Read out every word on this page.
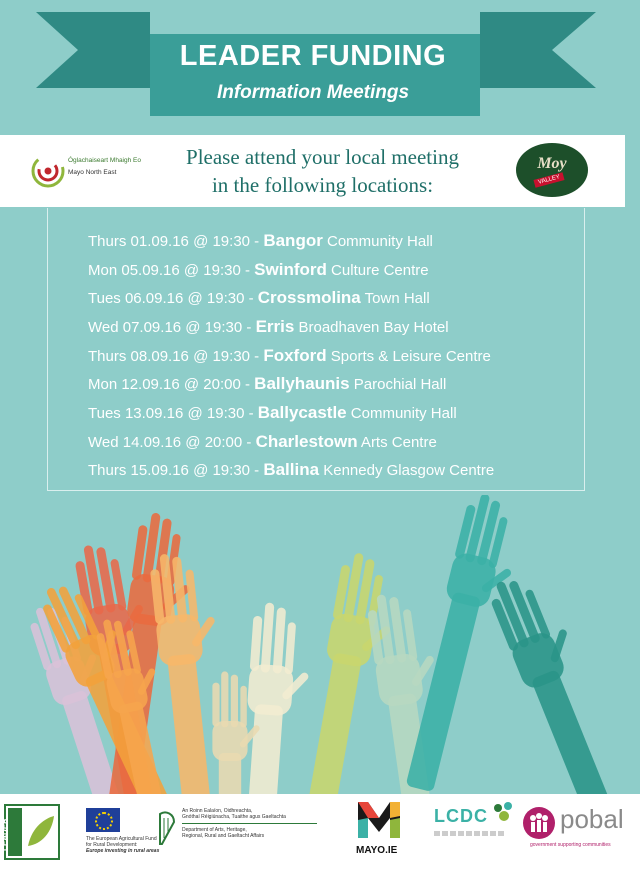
LEADER FUNDING
Information Meetings
Óglachaiseart Mhaigh Eo
Mayo North East
Please attend your local meeting
in the following locations:
Moy
VALLEY
Thurs 01.09.16 @ 19:30 - Bangor Community Hall
Mon 05.09.16 @ 19:30 - Swinford Culture Centre
Tues 06.09.16 @ 19:30 - Crossmolina Town Hall
Wed 07.09.16 @ 19:30 - Erris Broadhaven Bay Hotel
Thurs 08.09.16 @ 19:30 - Foxford Sports & Leisure Centre
Mon 12.09.16 @ 20:00 - Ballyhaunis Parochial Hall
Tues 13.09.16 @ 19:30 - Ballycastle Community Hall
Wed 14.09.16 @ 20:00 - Charlestown Arts Centre
Thurs 15.09.16 @ 19:30 - Ballina Kennedy Glasgow Centre
LEADER	The European Agricultural Fund
for Rural Development:
Europe investing in rural areas
An Roinn Ealaíon, Oidhreachta,
Gnóthaí Réigiúnacha, Tuaithe agus Gaeltachta
Department of Arts, Heritage,
Regional, Rural and Gaeltacht Affairs
MAYO.IE
LCDC	pobal
government supporting communities
